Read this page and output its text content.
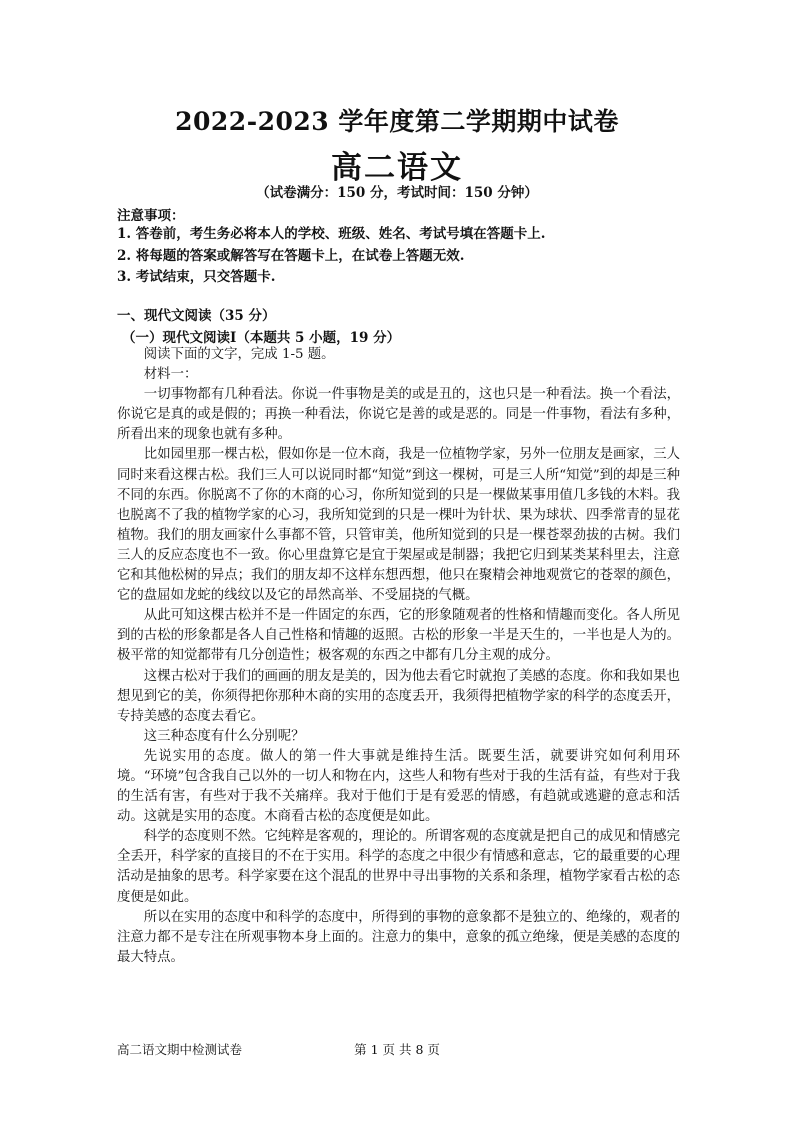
2022-2023 学年度第二学期期中试卷
高二语文
（试卷满分：150 分，考试时间：150 分钟）
注意事项：
1. 答卷前，考生务必将本人的学校、班级、姓名、考试号填在答题卡上.
2. 将每题的答案或解答写在答题卡上，在试卷上答题无效.
3. 考试结束，只交答题卡.
一、现代文阅读（35 分）
（一）现代文阅读Ⅰ（本题共 5 小题，19 分）

阅读下面的文字，完成 1-5 题。

材料一：

一切事物都有几种看法。你说一件事物是美的或是丑的，这也只是一种看法。换一个看法，你说它是真的或是假的；再换一种看法，你说它是善的或是恶的。同是一件事物，看法有多种，所看出来的现象也就有多种。

比如园里那一棵古松，假如你是一位木商，我是一位植物学家，另外一位朋友是画家，三人同时来看这棵古松。我们三人可以说同时都“知觉”到这一棵树，可是三人所“知觉”到的却是三种不同的东西。你脱离不了你的木商的心习，你所知觉到的只是一棵做某事用值几多钱的木料。我也脱离不了我的植物学家的心习，我所知觉到的只是一棵叶为针状、果为球状、四季常青的显花植物。我们的朋友画家什么事都不管，只管审美，他所知觉到的只是一棵苍翠劲拔的古树。我们三人的反应态度也不一致。你心里盘算它是宜于架屋或是制器；我把它归到某类某科里去，注意它和其他松树的异点；我们的朋友却不这样东想西想，他只在聚精会神地观赏它的苍翠的颜色，它的盘屈如龙蛇的线纹以及它的昂然高举、不受屈挠的气概。

从此可知这棵古松并不是一件固定的东西，它的形象随观者的性格和情趣而变化。各人所见到的古松的形象都是各人自己性格和情趣的返照。古松的形象一半是天生的，一半也是人为的。极平常的知觉都带有几分创造性；极客观的东西之中都有几分主观的成分。

这棵古松对于我们的画画的朋友是美的，因为他去看它时就抱了美感的态度。你和我如果也想见到它的美，你须得把你那种木商的实用的态度丢开，我须得把植物学家的科学的态度丢开，专持美感的态度去看它。

这三种态度有什么分别呢？

先说实用的态度。做人的第一件大事就是维持生活。既要生活，就要讲究如何利用环境。“环境”包含我自己以外的一切人和物在内，这些人和物有些对于我的生活有益，有些对于我的生活有害，有些对于我不关痛痒。我对于他们于是有爱恶的情感，有趋就或逃避的意志和活动。这就是实用的态度。木商看古松的态度便是如此。

科学的态度则不然。它纯粹是客观的，理论的。所谓客观的态度就是把自己的成见和情感完全丢开，科学家的直接目的不在于实用。科学的态度之中很少有情感和意志，它的最重要的心理活动是抽象的思考。科学家要在这个混乱的世界中寻出事物的关系和条理，植物学家看古松的态度便是如此。

所以在实用的态度中和科学的态度中，所得到的事物的意象都不是独立的、绝缘的，观者的注意力都不是专注在所观事物本身上面的。注意力的集中，意象的孤立绝缘，便是美感的态度的最大特点。

高二语文期中检测试卷	第 1 页 共 8 页
